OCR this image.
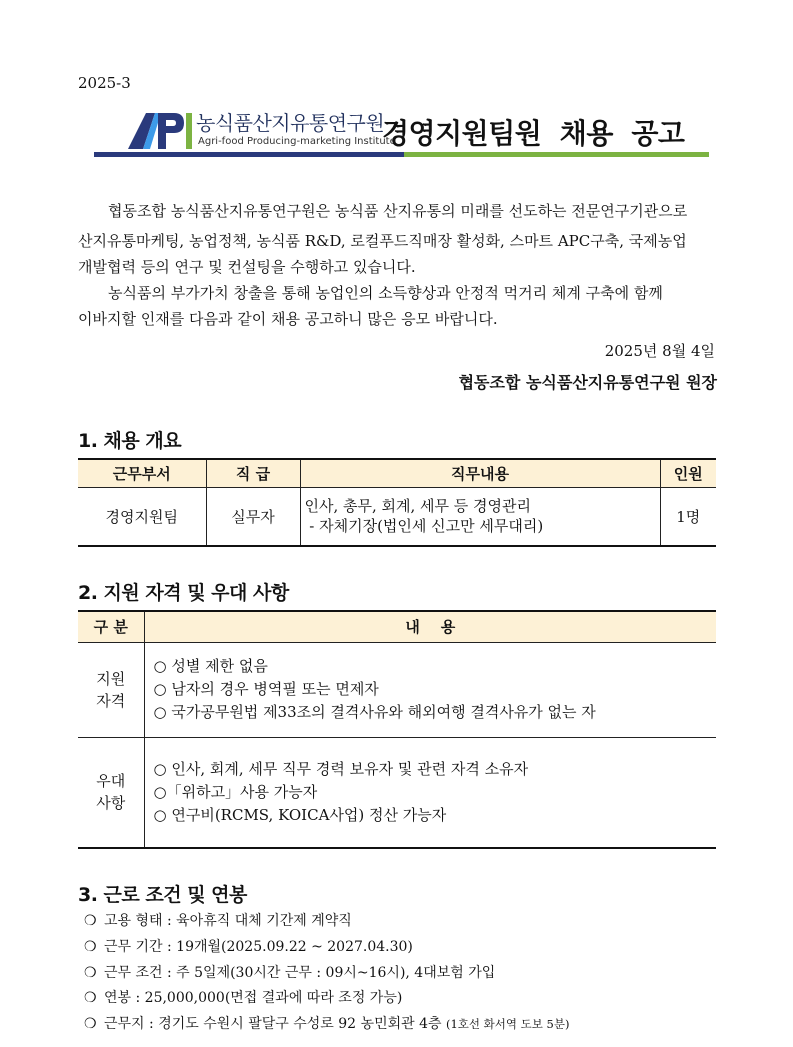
2025-3
농식품산지유통연구원
Agri-food Producing-marketing Institute
경영지원팀원  채용  공고
협동조합 농식품산지유통연구원은 농식품 산지유통의 미래를 선도하는 전문연구기관으로
산지유통마케팅, 농업정책, 농식품 R&D, 로컬푸드직매장 활성화, 스마트 APC구축, 국제농업
개발협력 등의 연구 및 컨설팅을 수행하고 있습니다.
농식품의 부가가치 창출을 통해 농업인의 소득향상과 안정적 먹거리 체계 구축에 함께
이바지할 인재를 다음과 같이 채용 공고하니 많은 응모 바랍니다.
2025년 8월 4일
협동조합 농식품산지유통연구원 원장
1. 채용 개요
근무부서	직 급	직무내용	인원
경영지원팀	실무자	인사, 총무, 회계, 세무 등 경영관리
- 자체기장(법인세 신고만 세무대리)	1명
2. 지원 자격 및 우대 사항
구 분	내    용

지원
자격	○ 성별 제한 없음
○ 남자의 경우 병역필 또는 면제자
○ 국가공무원법 제33조의 결격사유와 해외여행 결격사유가 없는 자

우대
사항	○ 인사, 회계, 세무 직무 경력 보유자 및 관련 자격 소유자
○「위하고」사용 가능자
○ 연구비(RCMS, KOICA사업) 정산 가능자
3. 근로 조건 및 연봉
❍ 고용 형태 : 육아휴직 대체 기간제 계약직
❍ 근무 기간 : 19개월(2025.09.22 ~ 2027.04.30)
❍ 근무 조건 : 주 5일제(30시간 근무 : 09시~16시), 4대보험 가입
❍ 연봉 : 25,000,000(면접 결과에 따라 조정 가능)
❍ 근무지 : 경기도 수원시 팔달구 수성로 92 농민회관 4층 (1호선 화서역 도보 5분)
